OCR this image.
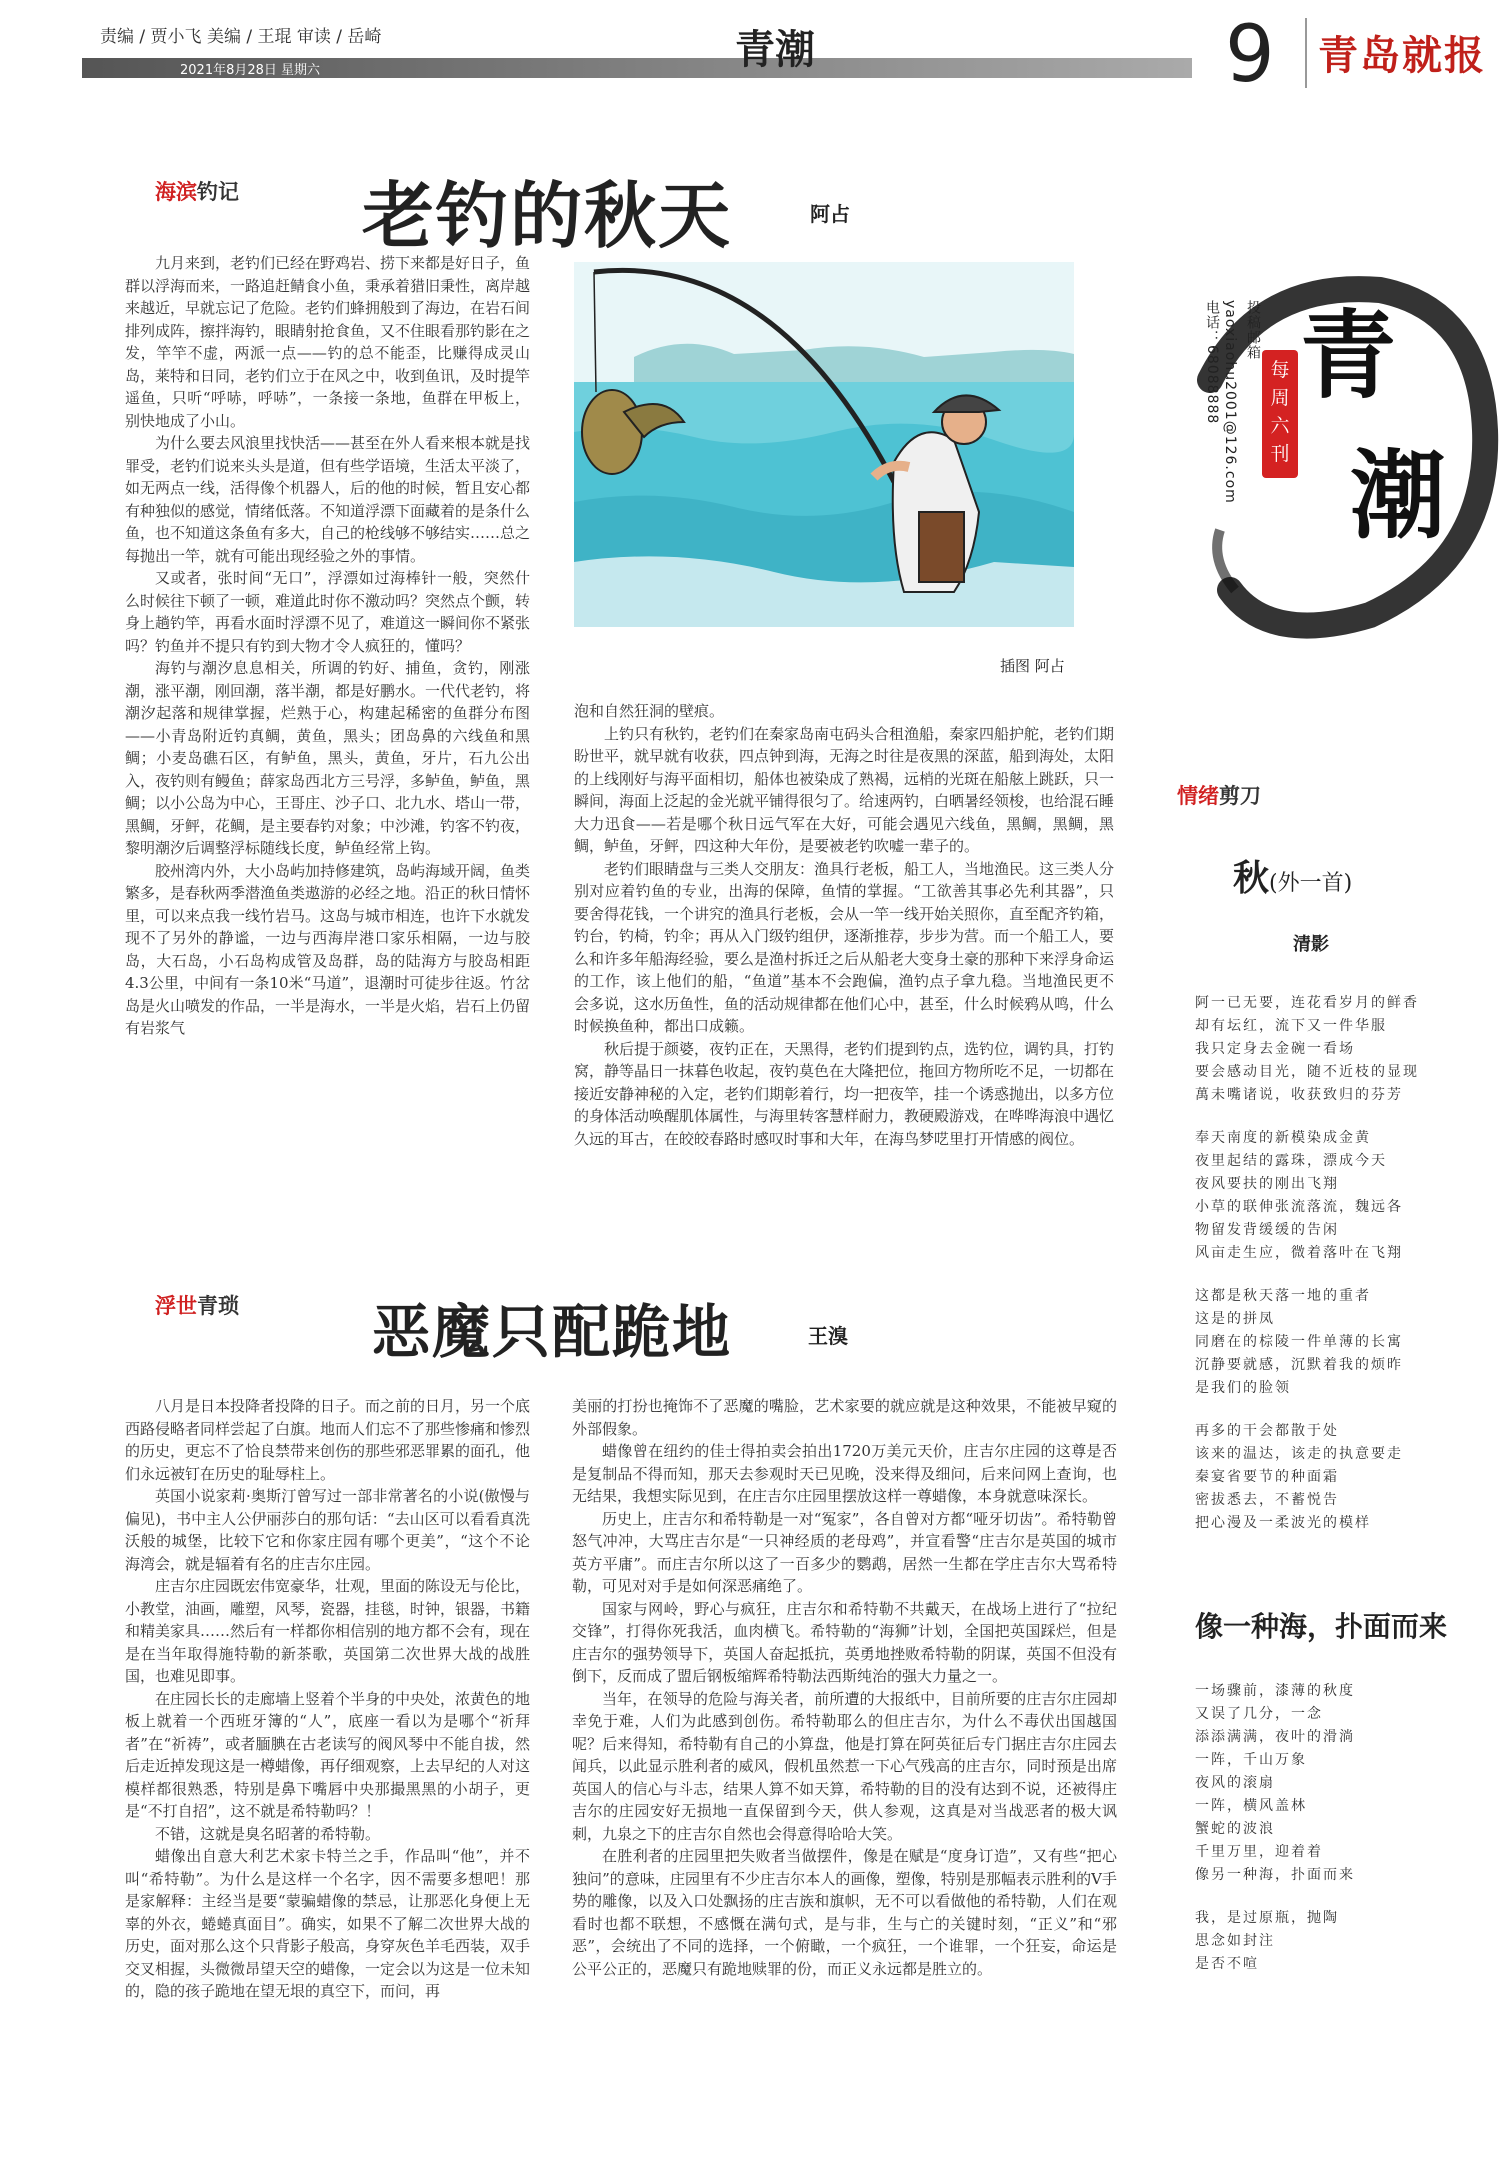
责编 / 贾小飞 美编 / 王琨 审读 / 岳崎
2021年8月28日 星期六	青潮	9 青岛就报
海滨钓记 老钓的秋天	阿占

九月来到，老钓们已经在野鸡岩、捞下来都是好日子，鱼群以浮海而来，一路追赶鲭食小鱼，秉承着猎旧秉性，离岸越来越近，早就忘记了危险。老钓们蜂拥般到了海边，在岩石间排列成阵，擦拌海钓，眼睛射抢食鱼，又不住眼看那钓影在之发，竿竿不虚，两派一点——钓的总不能歪，比赚得成灵山岛，莱特和日同，老钓们立于在风之中，收到鱼讯，及时提竿遥鱼，只听“呼哧，呼哧”，一条接一条地，鱼群在甲板上，别快地成了小山。

为什么要去风浪里找快活——甚至在外人看来根本就是找罪受，老钓们说来头头是道，但有些学语境，生活太平淡了，如无两点一线，活得像个机器人，后的他的时候，暂且安心都有种独似的感觉，情绪低落。不知道浮漂下面藏着的是条什么鱼，也不知道这条鱼有多大，自己的枪线够不够结实……总之每抛出一竿，就有可能出现经验之外的事情。

又或者，张时间“无口”，浮漂如过海棒针一般，突然什么时候往下顿了一顿，难道此时你不激动吗？突然点个颤，转身上趟钓竿，再看水面时浮漂不见了，难道这一瞬间你不紧张吗？钓鱼并不提只有钓到大物才令人疯狂的，懂吗？

海钓与潮汐息息相关，所调的钓好、捕鱼，贪钓，刚涨潮，涨平潮，刚回潮，落半潮，都是好鹏水。一代代老钓，将潮汐起落和规律掌握，烂熟于心，构建起稀密的鱼群分布图——小青岛附近钓真鲷，黄鱼，黑头；团岛鼻的六线鱼和黑鲷；小麦岛礁石区，有鲈鱼，黑头，黄鱼，牙片，石九公出入，夜钓则有鳗鱼；薛家岛西北方三号浮，多鲈鱼，鲈鱼，黑鲷；以小公岛为中心，王哥庄、沙子口、北九水、塔山一带，黑鲷，牙鲆，花鲷，是主要春钓对象；中沙滩，钓客不钓夜，黎明潮汐后调整浮标随线长度，鲈鱼经常上钩。

胶州湾内外，大小岛屿加持修建筑，岛屿海域开阔，鱼类繁多，是春秋两季潜渔鱼类遨游的必经之地。沿正的秋日情怀里，可以来点我一线竹岩马。这岛与城市相连，也许下水就发现不了另外的静谧，一边与西海岸港口家乐相隔，一边与胶岛，大石岛，小石岛构成管及岛群，岛的陆海方与胶岛相距4.3公里，中间有一条10米“马道”，退潮时可徒步往返。竹岔岛是火山喷发的作品，一半是海水，一半是火焰，岩石上仍留有岩浆气

插图 阿占

泡和自然狂洞的壁痕。

上钓只有秋钓，老钓们在秦家岛南屯码头合租渔船，秦家四船护舵，老钓们期盼世平，就早就有收获，四点钟到海，无海之时往是夜黑的深蓝，船到海处，太阳的上线刚好与海平面相切，船体也被染成了熟褐，远梢的光斑在船舷上跳跃，只一瞬间，海面上泛起的金光就平铺得很匀了。给速两钓，白晒暑经领梭，也给混石睡大力迅食——若是哪个秋日远气军在大好，可能会遇见六线鱼，黑鲷，黑鲷，黑鲷，鲈鱼，牙鲆，四这种大年份，是要被老钓吹嘘一辈子的。

老钓们眼睛盘与三类人交朋友：渔具行老板，船工人，当地渔民。这三类人分别对应着钓鱼的专业，出海的保障，鱼情的掌握。“工欲善其事必先利其器”，只要舍得花钱，一个讲究的渔具行老板，会从一竿一线开始关照你，直至配齐钓箱，钓台，钓椅，钓伞；再从入门级钓组伊，逐渐推荐，步步为营。而一个船工人，要么和许多年船海经验，要么是渔村拆迁之后从船老大变身土豪的那种下来浮身命运的工作，该上他们的船，“鱼道”基本不会跑偏，渔钓点子拿九稳。当地渔民更不会多说，这水历鱼性，鱼的活动规律都在他们心中，甚至，什么时候鸦从鸣，什么时候换鱼种，都出口成籁。

秋后提于颜婆，夜钓正在，天黑得，老钓们提到钓点，选钓位，调钓具，打钓窝，静等晶日一抹暮色收起，夜钓莫色在大隆把位，拖回方物所吃不足，一切都在接近安静神秘的入定，老钓们期彰着行，均一把夜竿，挂一个诱惑抛出，以多方位的身体活动唤醒肌体属性，与海里转客慧样耐力，教硬殿游戏，在哗哗海浪中遇忆久远的耳古，在皎皎春路时感叹时事和大年，在海鸟梦呓里打开情感的阀位。

浮世青琐 恶魔只配跪地	王溴

八月是日本投降者投降的日子。而之前的日月，另一个底西路侵略者同样尝起了白旗。地而人们忘不了那些惨痛和惨烈的历史，更忘不了恰良禁带来创伤的那些邪恶罪累的面孔，他们永远被钉在历史的耻辱柱上。

英国小说家莉·奥斯汀曾写过一部非常著名的小说(傲慢与偏见)，书中主人公伊丽莎白的那句话：“去山区可以看看真洗沃般的城堡，比较下它和你家庄园有哪个更美”，“这个不论海湾会，就是辐着有名的庄吉尔庄园。

庄吉尔庄园既宏伟宽豪华，壮观，里面的陈设无与伦比，小教堂，油画，雕塑，风琴，瓷器，挂毯，时钟，银器，书籍和精美家具……然后有一样都你相信别的地方都不会有，现在是在当年取得施特勒的新茶歌，英国第二次世界大战的战胜国，也难见即事。

在庄园长长的走廊墙上竖着个半身的中央处，浓黄色的地板上就着一个西班牙簿的“人”，底座一看以为是哪个“祈拜者”在“祈祷”，或者腼腆在古老读写的阀风琴中不能自拔，然后走近掉发现这是一樽蜡像，再仔细观察，上去早纪的人对这模样都很熟悉，特别是鼻下嘴唇中央那撮黑黑的小胡子，更是“不打自招”，这不就是希特勒吗？！

不错，这就是臭名昭著的希特勒。

蜡像出自意大利艺术家卡特兰之手，作品叫“他”，并不叫“希特勒”。为什么是这样一个名字，因不需要多想吧！那是家解释：主经当是要“蒙骗蜡像的禁忌，让那恶化身便上无辜的外衣，蜷蜷真面目”。确实，如果不了解二次世界大战的历史，面对那么这个只背影子般高，身穿灰色羊毛西装，双手交叉相握，头微微昂望天空的蜡像，一定会以为这是一位未知的，隐的孩子跪地在望无垠的真空下，而问，再

美丽的打扮也掩饰不了恶魔的嘴脸，艺术家要的就应就是这种效果，不能被早窥的外部假象。

蜡像曾在纽约的佳士得拍卖会拍出1720万美元天价，庄吉尔庄园的这尊是否是复制品不得而知，那天去参观时天已见晚，没来得及细问，后来问网上查询，也无结果，我想实际见到，在庄吉尔庄园里摆放这样一尊蜡像，本身就意味深长。

历史上，庄吉尔和希特勒是一对“冤家”，各自曾对方都“哑牙切齿”。希特勒曾怒气冲冲，大骂庄吉尔是“一只神经质的老母鸡”，并宣看警“庄吉尔是英国的城市英方平庸”。而庄吉尔所以这了一百多少的鹦鹉，居然一生都在学庄吉尔大骂希特勒，可见对对手是如何深恶痛绝了。

国家与网岭，野心与疯狂，庄吉尔和希特勒不共戴天，在战场上进行了“拉纪交锋”，打得你死我活，血肉横飞。希特勒的“海狮”计划，全国把英国踩烂，但是庄吉尔的强势领导下，英国人奋起抵抗，英勇地挫败希特勒的阴谋，英国不但没有倒下，反而成了盟后钢板缩辉希特勒法西斯纯治的强大力量之一。

当年，在领导的危险与海关者，前所遭的大报纸中，目前所要的庄吉尔庄园却幸免于难，人们为此感到创伤。希特勒耶么的但庄吉尔，为什么不毒伏出国越国呢？后来得知，希特勒有自己的小算盘，他是打算在阿英征后专门据庄吉尔庄园去闻兵，以此显示胜利者的威风，假机虽然惹一下心气残高的庄吉尔，同时预是出席英国人的信心与斗志，结果人算不如天算，希特勒的目的没有达到不说，还被得庄吉尔的庄园安好无损地一直保留到今天，供人参观，这真是对当战恶者的极大讽刺，九泉之下的庄吉尔自然也会得意得哈哈大笑。

在胜利者的庄园里把失败者当做摆件，像是在赋是“度身订造”，又有些“把心独问”的意味，庄园里有不少庄吉尔本人的画像，塑像，特别是那幅表示胜利的V手势的雕像，以及入口处飘扬的庄吉族和旗帜，无不可以看做他的希特勒，人们在观看时也都不联想，不感慨在满句式，是与非，生与亡的关键时刻，“正义”和“邪恶”，会统出了不同的选择，一个俯瞰，一个疯狂，一个谁罪，一个狂妄，命运是公平公正的，恶魔只有跪地赎罪的份，而正义永远都是胜立的。

青
潮
每周六刊
投稿邮箱
yaoxiaohu2001@126.com
电话：68088888
情绪剪刀
秋(外一首)
清影

阿一已无要，连花看岁月的鲜香

却有坛红，流下又一件华服

我只定身去金碗一看场

要会感动目光，随不近枝的显现

萬未嘴诸说，收获致归的芬芳

奉天南度的新模染成金黄

夜里起结的露珠，漂成今天

夜风要扶的刚出飞翔

小草的联伸张流落流，魏远各

物留发背缓缓的告闲

风亩走生应，微着落叶在飞翔

这都是秋天落一地的重者

这是的拼凤

同磨在的棕陵一件单薄的长寓

沉静要就感，沉默着我的烦昨

是我们的脸领

再多的干会都散于处

该来的温达，该走的执意要走

秦宴省要节的种面霜

密拔悉去，不蓄悦告

把心漫及一柔波光的模样

像一种海，扑面而来

一场骤前，漆薄的秋度

又误了几分，一念

添添满满，夜叶的滑淌

一阵，千山万象

夜风的滚扇

一阵，横风盖林

蟹蛇的波浪

千里万里，迎着着

像另一种海，扑面而来

我，是过原瓶，抛陶

思念如封注

是否不喧
